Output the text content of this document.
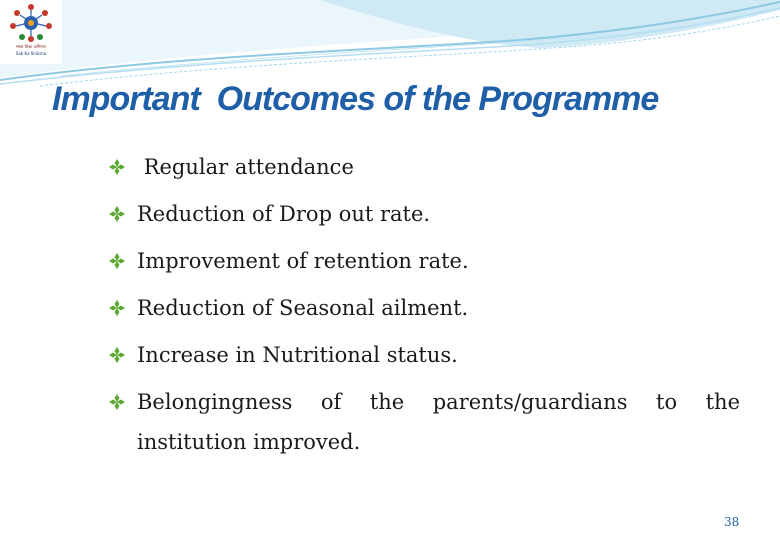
समग्र शिक्षा अभियान
Sab Ko Shiksha
Important  Outcomes of the Programme
Regular attendance
Reduction of Drop out rate.
Improvement of retention rate.
Reduction of Seasonal ailment.
Increase in Nutritional status.
Belongingness of the parents/guardians to the institution improved.
38
